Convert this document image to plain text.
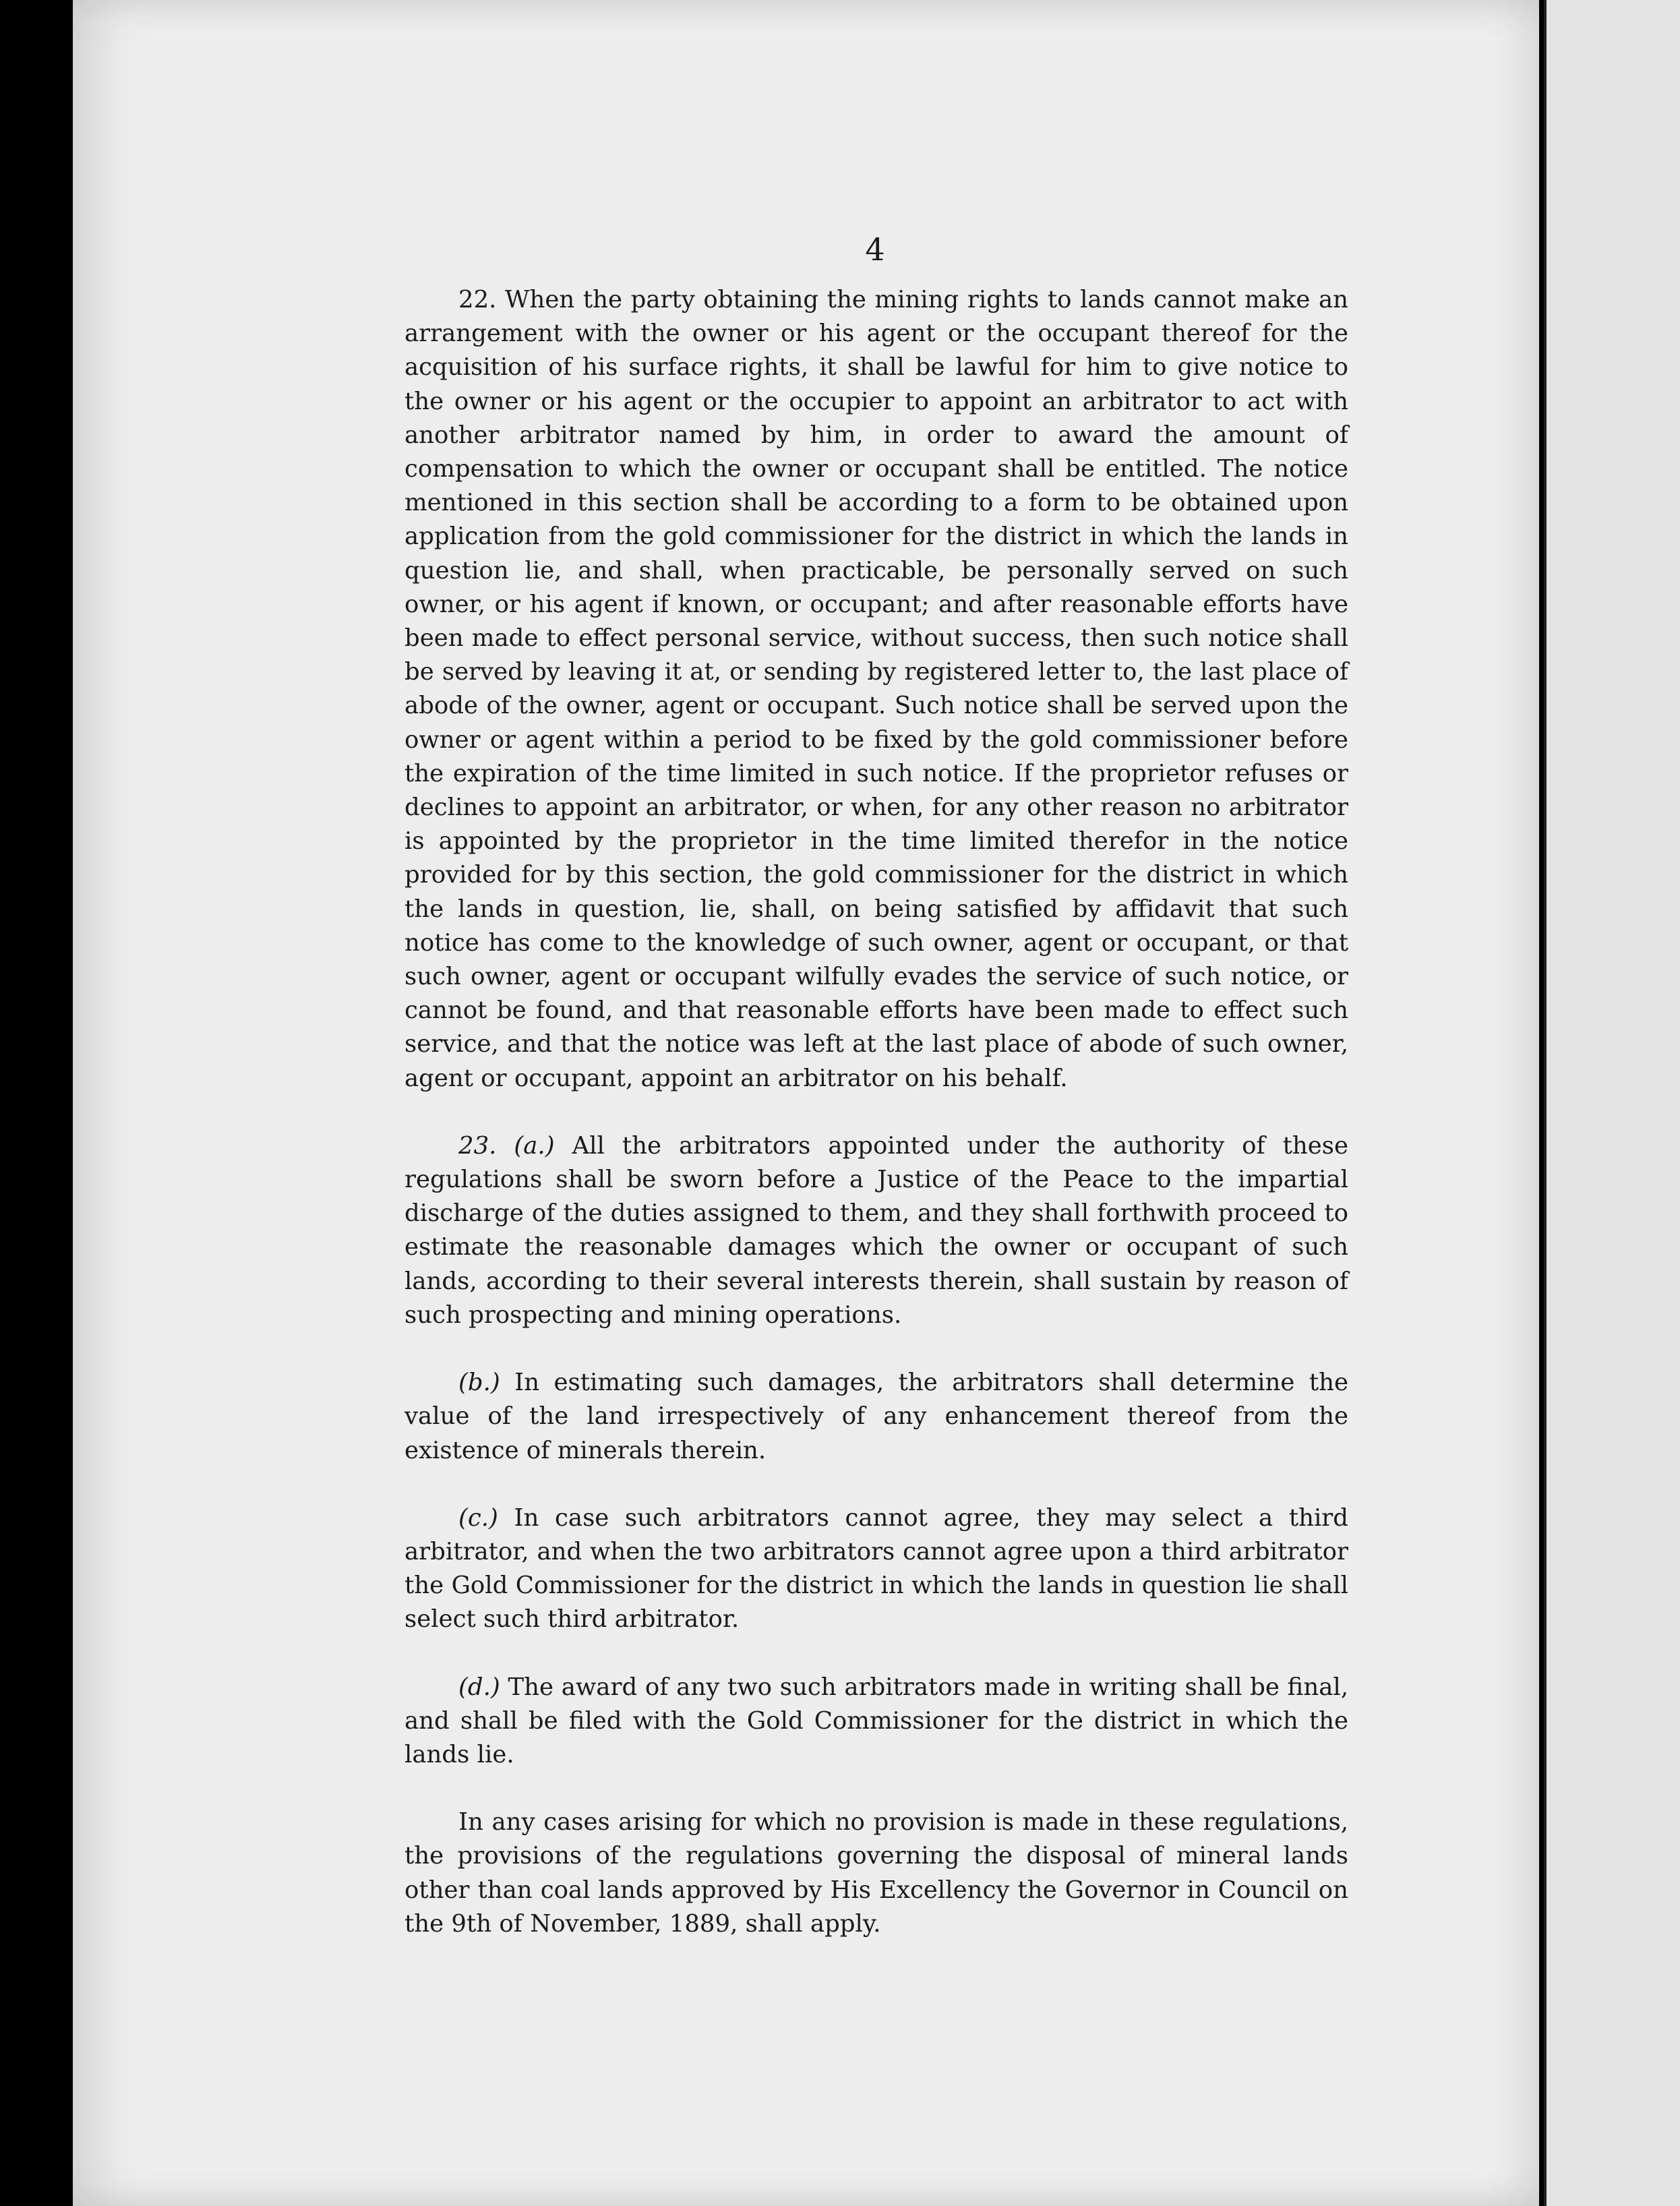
4

22. When the party obtaining the mining rights to lands cannot make an arrangement with the owner or his agent or the occupant thereof for the acquisition of his surface rights, it shall be lawful for him to give notice to the owner or his agent or the occupier to appoint an arbitrator to act with another arbitrator named by him, in order to award the amount of compensation to which the owner or occupant shall be entitled. The notice mentioned in this section shall be according to a form to be obtained upon application from the gold commissioner for the district in which the lands in question lie, and shall, when practicable, be personally served on such owner, or his agent if known, or occupant; and after reasonable efforts have been made to effect personal service, without success, then such notice shall be served by leaving it at, or sending by registered letter to, the last place of abode of the owner, agent or occupant. Such notice shall be served upon the owner or agent within a period to be fixed by the gold commissioner before the expiration of the time limited in such notice. If the proprietor refuses or declines to appoint an arbitrator, or when, for any other reason no arbitrator is appointed by the proprietor in the time limited therefor in the notice provided for by this section, the gold commissioner for the district in which the lands in question, lie, shall, on being satisfied by affidavit that such notice has come to the knowledge of such owner, agent or occupant, or that such owner, agent or occupant wilfully evades the service of such notice, or cannot be found, and that reasonable efforts have been made to effect such service, and that the notice was left at the last place of abode of such owner, agent or occupant, appoint an arbitrator on his behalf.

23. (a.) All the arbitrators appointed under the authority of these regulations shall be sworn before a Justice of the Peace to the impartial discharge of the duties assigned to them, and they shall forthwith proceed to estimate the reasonable damages which the owner or occupant of such lands, according to their several interests therein, shall sustain by reason of such prospecting and mining operations.

(b.) In estimating such damages, the arbitrators shall determine the value of the land irrespectively of any enhancement thereof from the existence of minerals therein.

(c.) In case such arbitrators cannot agree, they may select a third arbitrator, and when the two arbitrators cannot agree upon a third arbitrator the Gold Commissioner for the district in which the lands in question lie shall select such third arbitrator.

(d.) The award of any two such arbitrators made in writing shall be final, and shall be filed with the Gold Commissioner for the district in which the lands lie.

In any cases arising for which no provision is made in these regulations, the provisions of the regulations governing the disposal of mineral lands other than coal lands approved by His Excellency the Governor in Council on the 9th of November, 1889, shall apply.
